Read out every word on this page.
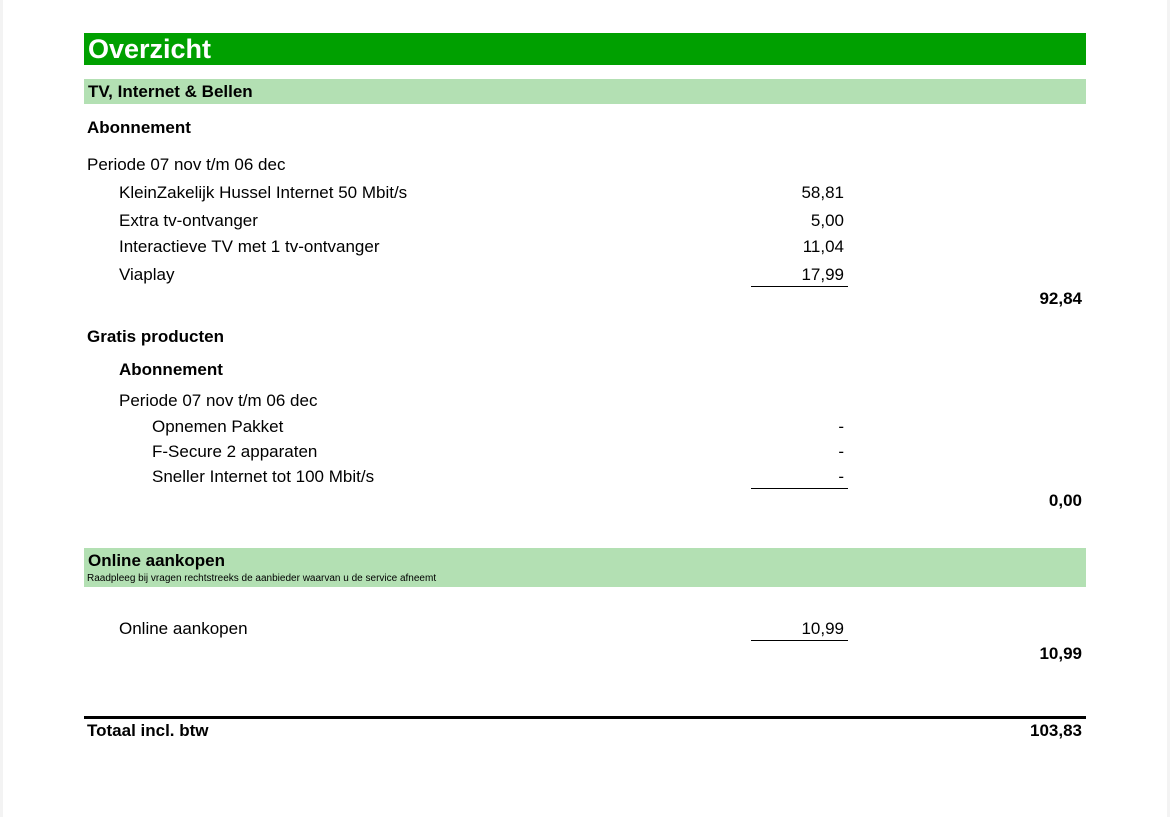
Overzicht
TV, Internet & Bellen
Abonnement
Periode 07 nov t/m 06 dec
KleinZakelijk Hussel Internet 50 Mbit/s	58,81
Extra tv-ontvanger	5,00
Interactieve TV met 1 tv-ontvanger	11,04
Viaplay	17,99
92,84
Gratis producten
Abonnement
Periode 07 nov t/m 06 dec
Opnemen Pakket	-
F-Secure 2 apparaten	-
Sneller Internet tot 100 Mbit/s	-
0,00
Online aankopen
Raadpleeg bij vragen rechtstreeks de aanbieder waarvan u de service afneemt
Online aankopen	10,99
10,99
Totaal incl. btw	103,83
